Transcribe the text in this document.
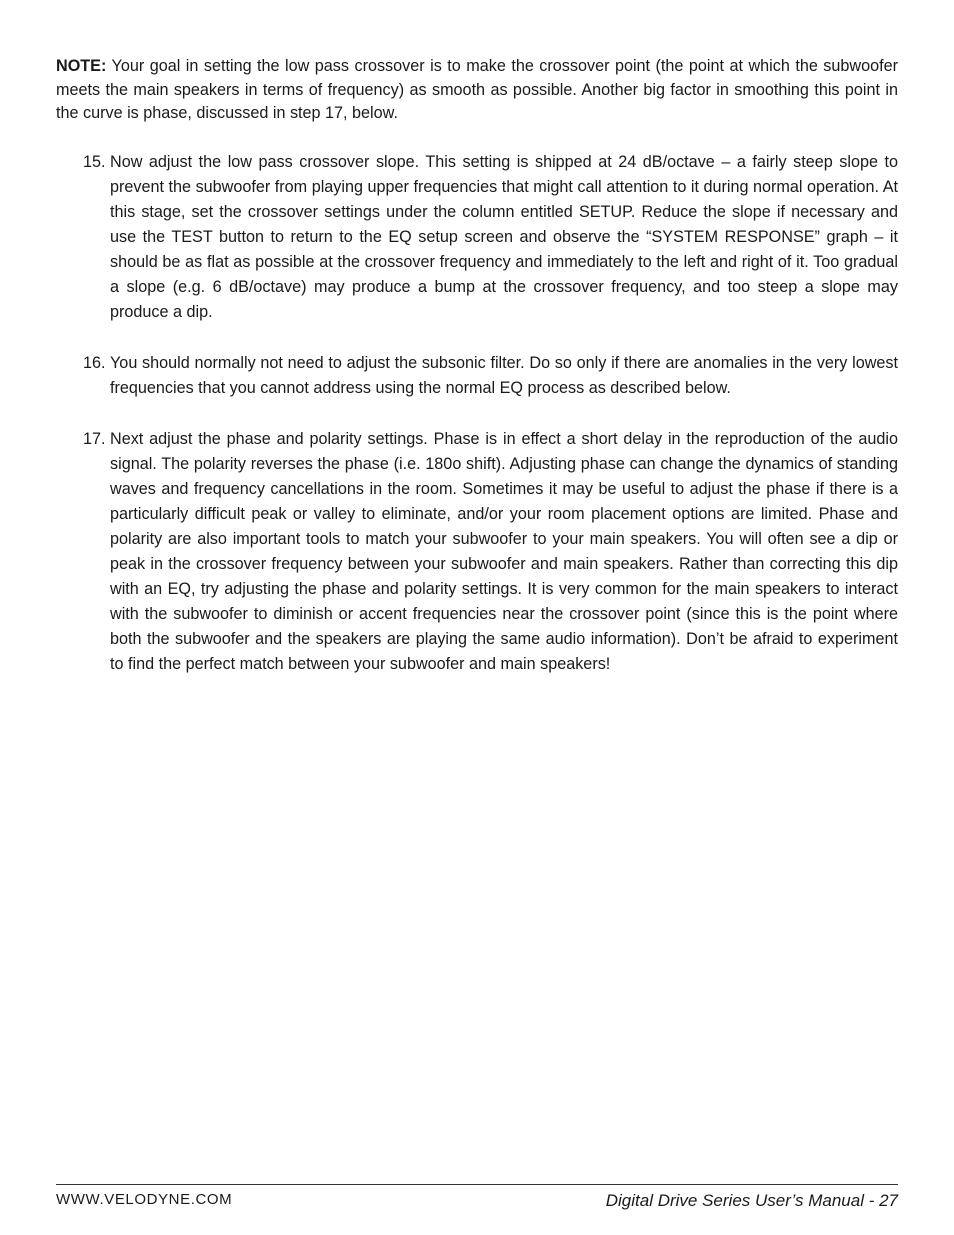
NOTE: Your goal in setting the low pass crossover is to make the crossover point (the point at which the subwoofer meets the main speakers in terms of frequency) as smooth as possible. Another big factor in smoothing this point in the curve is phase, discussed in step 17, below.

15. Now adjust the low pass crossover slope. This setting is shipped at 24 dB/octave – a fairly steep slope to prevent the subwoofer from playing upper frequencies that might call attention to it during normal operation. At this stage, set the crossover settings under the column entitled SETUP. Reduce the slope if necessary and use the TEST button to return to the EQ setup screen and observe the “SYSTEM RESPONSE” graph – it should be as flat as possible at the crossover frequency and immediately to the left and right of it. Too gradual a slope (e.g. 6 dB/octave) may produce a bump at the crossover frequency, and too steep a slope may produce a dip.
16. You should normally not need to adjust the subsonic filter. Do so only if there are anomalies in the very lowest frequencies that you cannot address using the normal EQ process as described below.
17. Next adjust the phase and polarity settings. Phase is in effect a short delay in the reproduction of the audio signal. The polarity reverses the phase (i.e. 180o shift). Adjusting phase can change the dynamics of standing waves and frequency cancellations in the room. Sometimes it may be useful to adjust the phase if there is a particularly difficult peak or valley to eliminate, and/or your room placement options are limited. Phase and polarity are also important tools to match your subwoofer to your main speakers. You will often see a dip or peak in the crossover frequency between your subwoofer and main speakers. Rather than correcting this dip with an EQ, try adjusting the phase and polarity settings. It is very common for the main speakers to interact with the subwoofer to diminish or accent frequencies near the crossover point (since this is the point where both the subwoofer and the speakers are playing the same audio information). Don’t be afraid to experiment to find the perfect match between your subwoofer and main speakers!
WWW.VELODYNE.COM	Digital Drive Series User’s Manual - 27
